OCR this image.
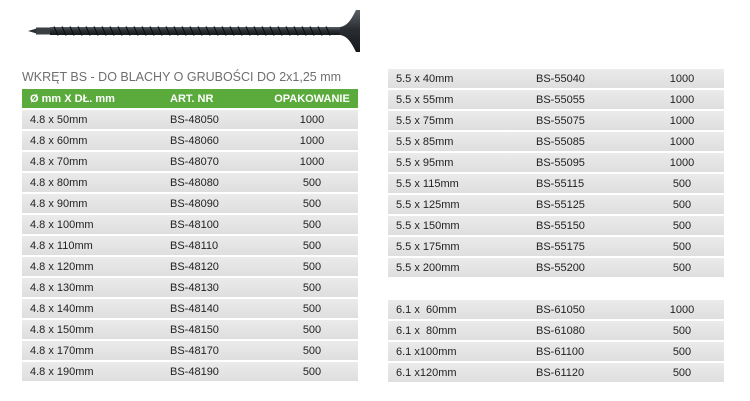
WKRĘT BS - DO BLACHY O GRUBOŚCI DO 2x1,25 mm
Ø mm X DŁ. mm	ART. NR	OPAKOWANIE
4.8 x 50mm	BS-48050	1000
4.8 x 60mm	BS-48060	1000
4.8 x 70mm	BS-48070	1000
4.8 x 80mm	BS-48080	500
4.8 x 90mm	BS-48090	500
4.8 x 100mm	BS-48100	500
4.8 x 110mm	BS-48110	500
4.8 x 120mm	BS-48120	500
4.8 x 130mm	BS-48130	500
4.8 x 140mm	BS-48140	500
4.8 x 150mm	BS-48150	500
4.8 x 170mm	BS-48170	500
4.8 x 190mm	BS-48190	500
5.5 x 40mm	BS-55040	1000
5.5 x 55mm	BS-55055	1000
5.5 x 75mm	BS-55075	1000
5.5 x 85mm	BS-55085	1000
5.5 x 95mm	BS-55095	1000
5.5 x 115mm	BS-55115	500
5.5 x 125mm	BS-55125	500
5.5 x 150mm	BS-55150	500
5.5 x 175mm	BS-55175	500
5.5 x 200mm	BS-55200	500
6.1 x  60mm	BS-61050	1000
6.1 x  80mm	BS-61080	500
6.1 x100mm	BS-61100	500
6.1 x120mm	BS-61120	500
